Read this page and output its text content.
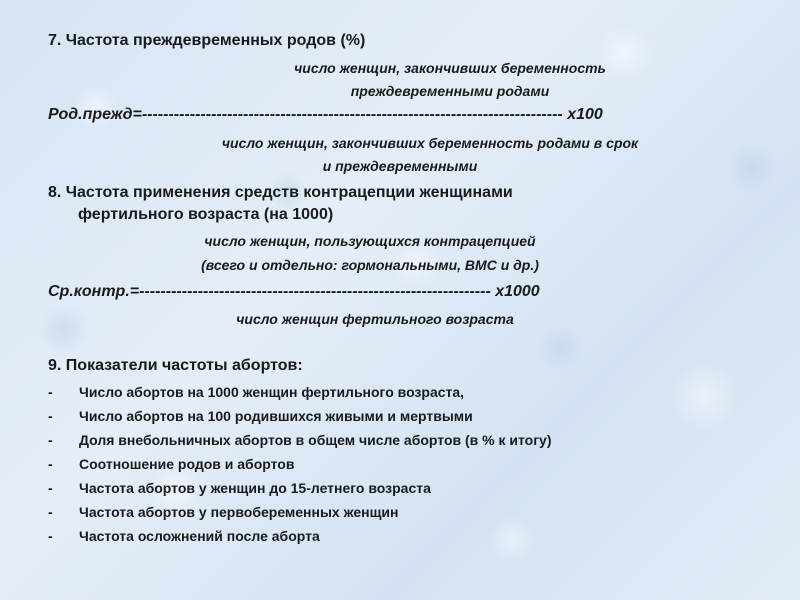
7. Частота преждевременных родов (%)
число женщин, закончивших беременность
преждевременными родами
Род.прежд=------------------------------------------------------------------------------- х100
число женщин, закончивших беременность родами в срок
и преждевременными
8. Частота применения средств контрацепции женщинами
фертильного возраста (на 1000)
число женщин, пользующихся контрацепцией
(всего и отдельно: гормональными, ВМС и др.)
Ср.контр.=------------------------------------------------------------------ х1000
число женщин фертильного возраста
9. Показатели частоты абортов:
-	Число абортов на 1000 женщин фертильного возраста,
-	Число абортов на 100 родившихся живыми и мертвыми
-	Доля внебольничных абортов в общем числе абортов (в % к итогу)
-	Соотношение родов и абортов
-	Частота абортов у женщин до 15-летнего возраста
-	Частота абортов у первобеременных женщин
-	Частота осложнений после аборта
